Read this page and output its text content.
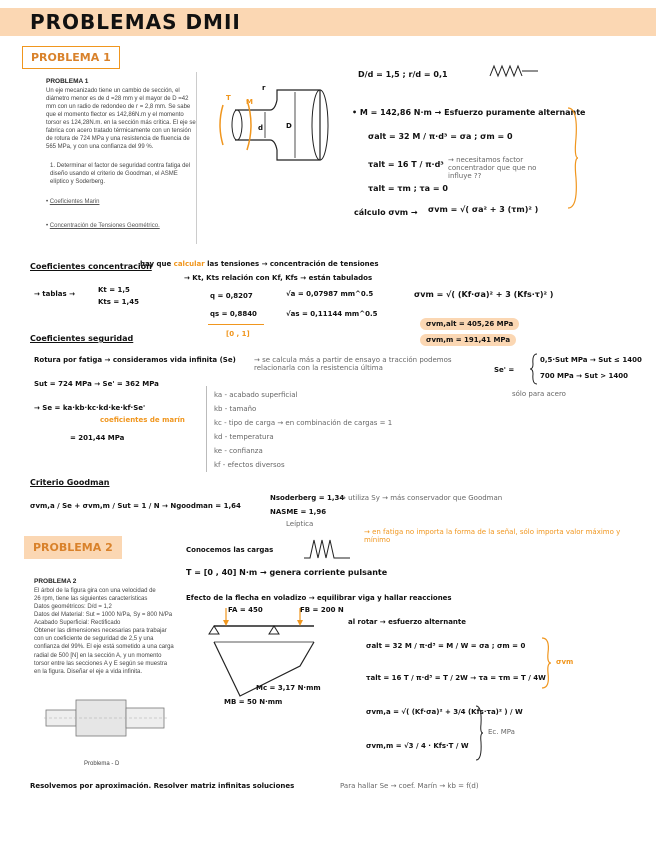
PROBLEMAS DMII
PROBLEMA 1
PROBLEMA 1
Un eje mecanizado tiene un cambio de sección, el diámetro menor es de d =28 mm y el mayor de D =42 mm con un radio de redondeo de r = 2,8 mm. Se sabe que el momento flector es 142,86N.m y el momento torsor es 124,28N.m. en la sección más crítica. El eje se fabrica con acero tratado térmicamente con un tensión de rotura de 724 MPa y una resistencia de fluencia de 565 MPa, y con una confianza del 99 %.
1. Determinar el factor de seguridad contra fatiga del diseño usando el criterio de Goodman, el ASME elíptico y Soderberg.
• Coeficientes Marin
• Concentración de Tensiones Geométrico.
T M
r
d	D
D/d = 1,5 ; r/d = 0,1
• M = 142,86 N·m → Esfuerzo puramente alternante
σalt = 32 M / π·d³ = σa ; σm = 0
τalt = 16 T / π·d³ → necesitamos factor concentrador que que no influye ??
τalt = τm ; τa = 0
cálculo σvm → σvm = √( σa² + 3 (τm)² )
Coeficientes concentración
hay que calcular las tensiones → concentración de tensiones
→ Kt, Kts relación con Kf, Kfs → están tabulados
→ tablas →	Kt = 1,5
Kts = 1,45
q = 0,8207	√a = 0,07987 mm^0.5
qs = 0,8840	√as = 0,11144 mm^0.5
[0 , 1]
σvm = √( (Kf·σa)² + 3 (Kfs·τ)² )
σvm,alt = 405,26 MPa
σvm,m = 191,41 MPa
Coeficientes seguridad
Rotura por fatiga → consideramos vida infinita (Se)	→ se calcula más a partir de ensayo a tracción podemos relacionarla con la resistencia última	Se' =
0,5·Sut MPa → Sut ≤ 1400
700 MPa → Sut > 1400
sólo para acero
Sut = 724 MPa → Se' = 362 MPa
→ Se = ka·kb·kc·kd·ke·kf·Se'
coeficientes de marín
= 201,44 MPa
ka - acabado superficial
kb - tamaño
kc - tipo de carga → en combinación de cargas = 1
kd - temperatura
ke - confianza
kf - efectos diversos
Criterio Goodman
σvm,a / Se + σvm,m / Sut = 1 / N → Ngoodman = 1,64
Nsoderberg = 1,34
→ utiliza Sy → más conservador que Goodman
NASME = 1,96
Leíptica
PROBLEMA 2
PROBLEMA 2
El árbol de la figura gira con una velocidad de
26 rpm, tiene las siguientes características
Datos geométricos: D/d = 1,2
Datos del Material: Sut = 1000 N/Pa, Sy = 800 N/Pa
Acabado Superficial: Rectificado
Obtener las dimensiones necesarias para trabajar con un coeficiente de seguridad de 2,5 y una confianza del 99%. El eje está sometido a una carga radial de 500 [N] en la sección A, y un momento torsor entre las secciones A y E según se muestra en la figura. Diseñar el eje a vida infinita.
Problema - D
→ en fatiga no importa la forma de la señal, sólo importa valor máximo y mínimo
Conocemos las cargas
T = [0 , 40] N·m → genera corriente pulsante
Efecto de la flecha en voladizo → equilibrar viga y hallar reacciones
FA = 450	FB = 200 N
Mc = 3,17 N·mm
MB = 50 N·mm
al rotar → esfuerzo alternante
σalt = 32 M / π·d³ = M / W = σa ; σm = 0
τalt = 16 T / π·d³ = T / 2W → τa = τm = T / 4W
σvm
σvm,a = √( (Kf·σa)² + 3/4 (Kfs·τa)² ) / W
σvm,m = √3 / 4 · Kfs·T / W
Ec. MPa
Resolvemos por aproximación. Resolver matriz infinitas soluciones	Para hallar Se → coef. Marín → kb = f(d)
